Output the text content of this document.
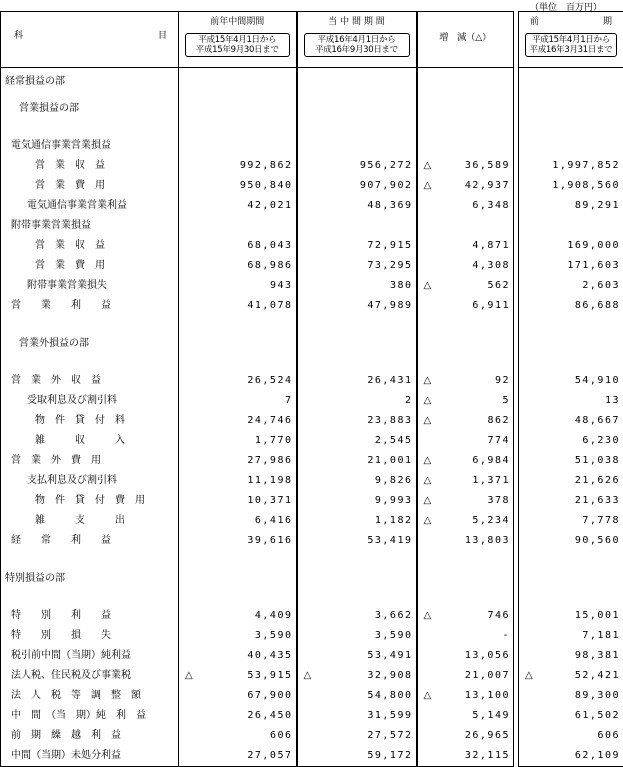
（単位　百万円）
科 目	前年中間期間
平成15年4月1日から
平成15年9月30日まで	当 中 間 期 間
平成16年4月1日から
平成16年9月30日まで	増　減（△）		前 期
平成15年4月1日から
平成16年3月31日まで

経常損益の部					
営業損益の部					

電気通信事業営業損益					
営　業　収　益	992,862	956,272	△ 36,589		1,997,852
営　業　費　用	950,840	907,902	△ 42,937		1,908,560
電気通信事業営業利益	42,021	48,369	6,348		89,291
附帯事業営業損益					
営　業　収　益	68,043	72,915	4,871		169,000
営　業　費　用	68,986	73,295	4,308		171,603
附帯事業営業損失	943	380	△ 562		2,603
営　　業　　利　　益	41,078	47,989	6,911		86,688

営業外損益の部					

営　業　外　収　益	26,524	26,431	△ 92		54,910
受取利息及び割引料	7	2	△ 5		13
物　件　貸　付　料	24,746	23,883	△ 862		48,667
雑　　　収　　　入	1,770	2,545	774		6,230
営　業　外　費　用	27,986	21,001	△ 6,984		51,038
支払利息及び割引料	11,198	9,826	△ 1,371		21,626
物　件　貸　付　費　用	10,371	9,993	△ 378		21,633
雑　　　支　　　出	6,416	1,182	△ 5,234		7,778
経　　常　　利　　益	39,616	53,419	13,803		90,560

特別損益の部					

特　　別　　利　　益	4,409	3,662	△ 746		15,001
特　　別　　損　　失	3,590	3,590	-		7,181
税引前中間（当期）純利益	40,435	53,491	13,056		98,381
法人税、住民税及び事業税	△ 53,915	△ 32,908	21,007		△ 52,421
法　人　税　等　調　整　額	67,900	54,800	△ 13,100		89,300
中　間　（当　期）純　利　益	26,450	31,599	5,149		61,502
前　期　繰　越　利　益	606	27,572	26,965		606
中間（当期）未処分利益	27,057	59,172	32,115		62,109
